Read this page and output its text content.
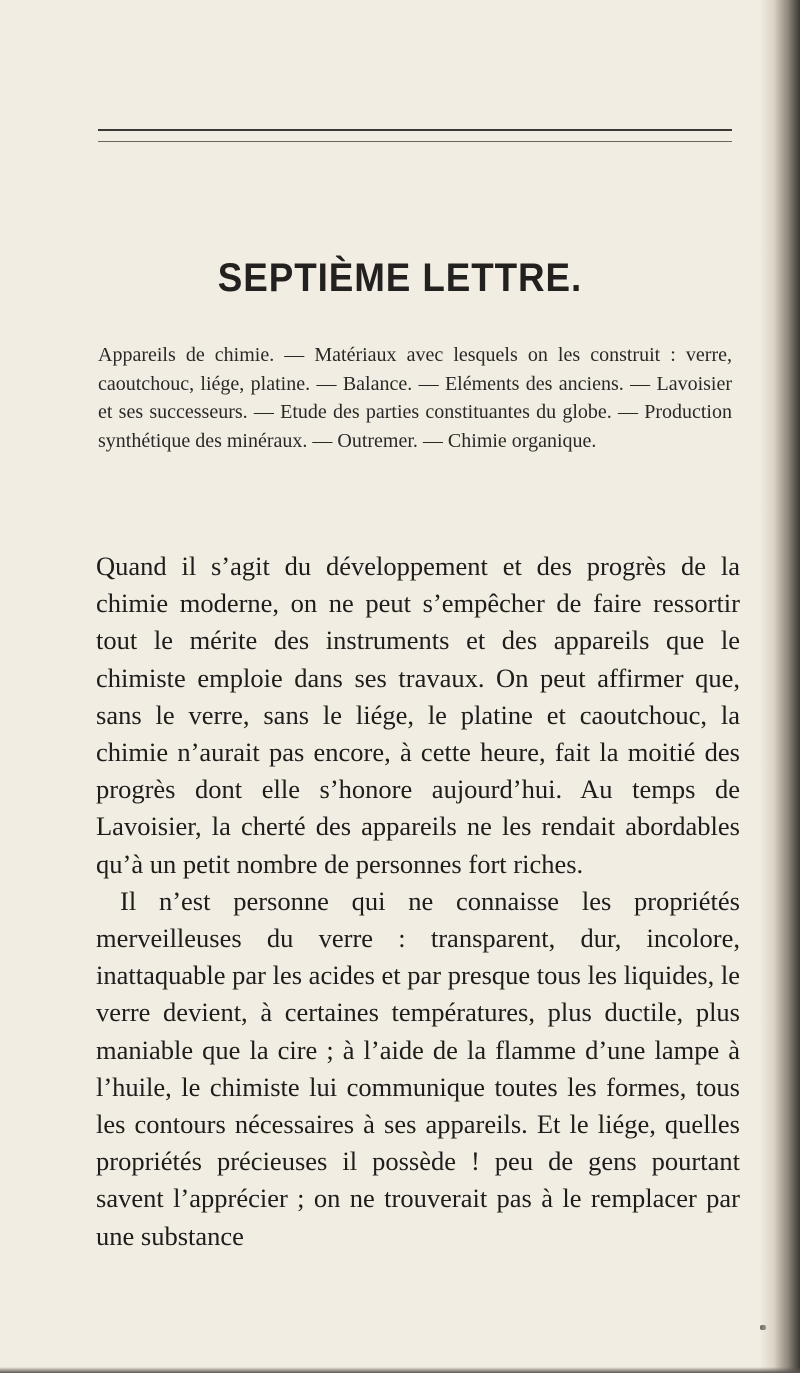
SEPTIÈME LETTRE.
Appareils de chimie. — Matériaux avec lesquels on les construit : verre, caoutchouc, liége, platine. — Balance. — Eléments des anciens. — Lavoisier et ses successeurs. — Etude des parties constituantes du globe. — Production synthétique des minéraux. — Outremer. — Chimie organique.

Quand il s’agit du développement et des progrès de la chimie moderne, on ne peut s’empêcher de faire ressortir tout le mérite des instruments et des appareils que le chimiste emploie dans ses travaux. On peut affirmer que, sans le verre, sans le liége, le platine et caoutchouc, la chimie n’aurait pas encore, à cette heure, fait la moitié des progrès dont elle s’honore aujourd’hui. Au temps de Lavoisier, la cherté des appareils ne les rendait abordables qu’à un petit nombre de personnes fort riches.

Il n’est personne qui ne connaisse les propriétés merveilleuses du verre : transparent, dur, incolore, inattaquable par les acides et par presque tous les liquides, le verre devient, à certaines températures, plus ductile, plus maniable que la cire ; à l’aide de la flamme d’une lampe à l’huile, le chimiste lui communique toutes les formes, tous les contours nécessaires à ses appareils. Et le liége, quelles propriétés précieuses il possède ! peu de gens pourtant savent l’apprécier ; on ne trouverait pas à le remplacer par une substance
